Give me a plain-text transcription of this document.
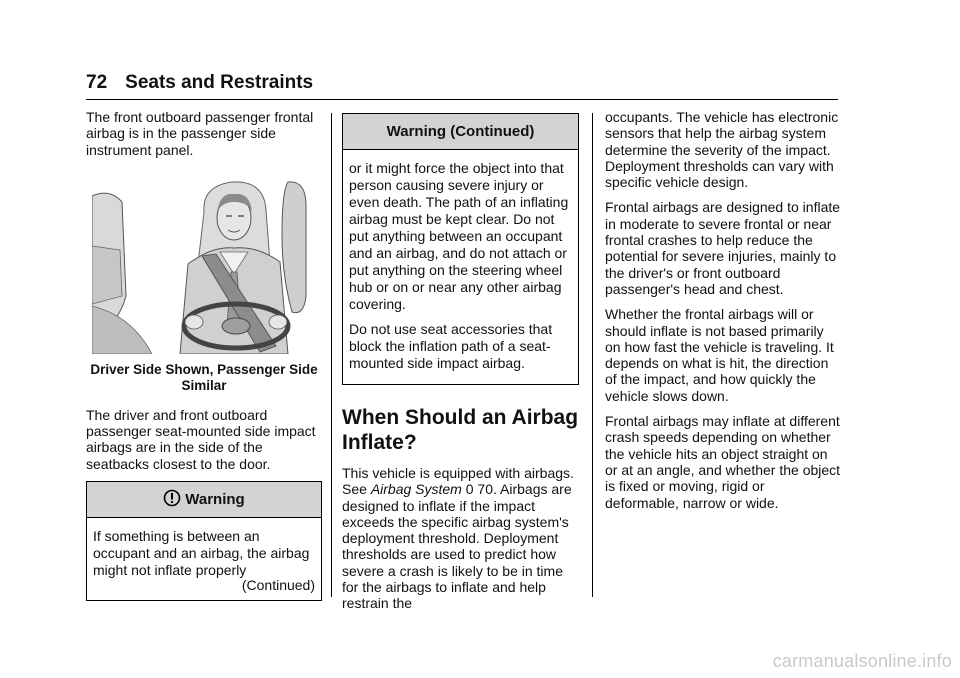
72 Seats and Restraints

The front outboard passenger frontal airbag is in the passenger side instrument panel.

Driver Side Shown, Passenger Side Similar

The driver and front outboard passenger seat-mounted side impact airbags are in the side of the seatbacks closest to the door.

Warning
If something is between an occupant and an airbag, the airbag might not inflate properly
(Continued)
Warning (Continued)

or it might force the object into that person causing severe injury or even death. The path of an inflating airbag must be kept clear. Do not put anything between an occupant and an airbag, and do not attach or put anything on the steering wheel hub or on or near any other airbag covering.

Do not use seat accessories that block the inflation path of a seat-mounted side impact airbag.

When Should an Airbag Inflate?

This vehicle is equipped with airbags. See Airbag System 0 70. Airbags are designed to inflate if the impact exceeds the specific airbag system's deployment threshold. Deployment thresholds are used to predict how severe a crash is likely to be in time for the airbags to inflate and help restrain the

occupants. The vehicle has electronic sensors that help the airbag system determine the severity of the impact. Deployment thresholds can vary with specific vehicle design.

Frontal airbags are designed to inflate in moderate to severe frontal or near frontal crashes to help reduce the potential for severe injuries, mainly to the driver's or front outboard passenger's head and chest.

Whether the frontal airbags will or should inflate is not based primarily on how fast the vehicle is traveling. It depends on what is hit, the direction of the impact, and how quickly the vehicle slows down.

Frontal airbags may inflate at different crash speeds depending on whether the vehicle hits an object straight on or at an angle, and whether the object is fixed or moving, rigid or deformable, narrow or wide.

carmanualsonline.info
